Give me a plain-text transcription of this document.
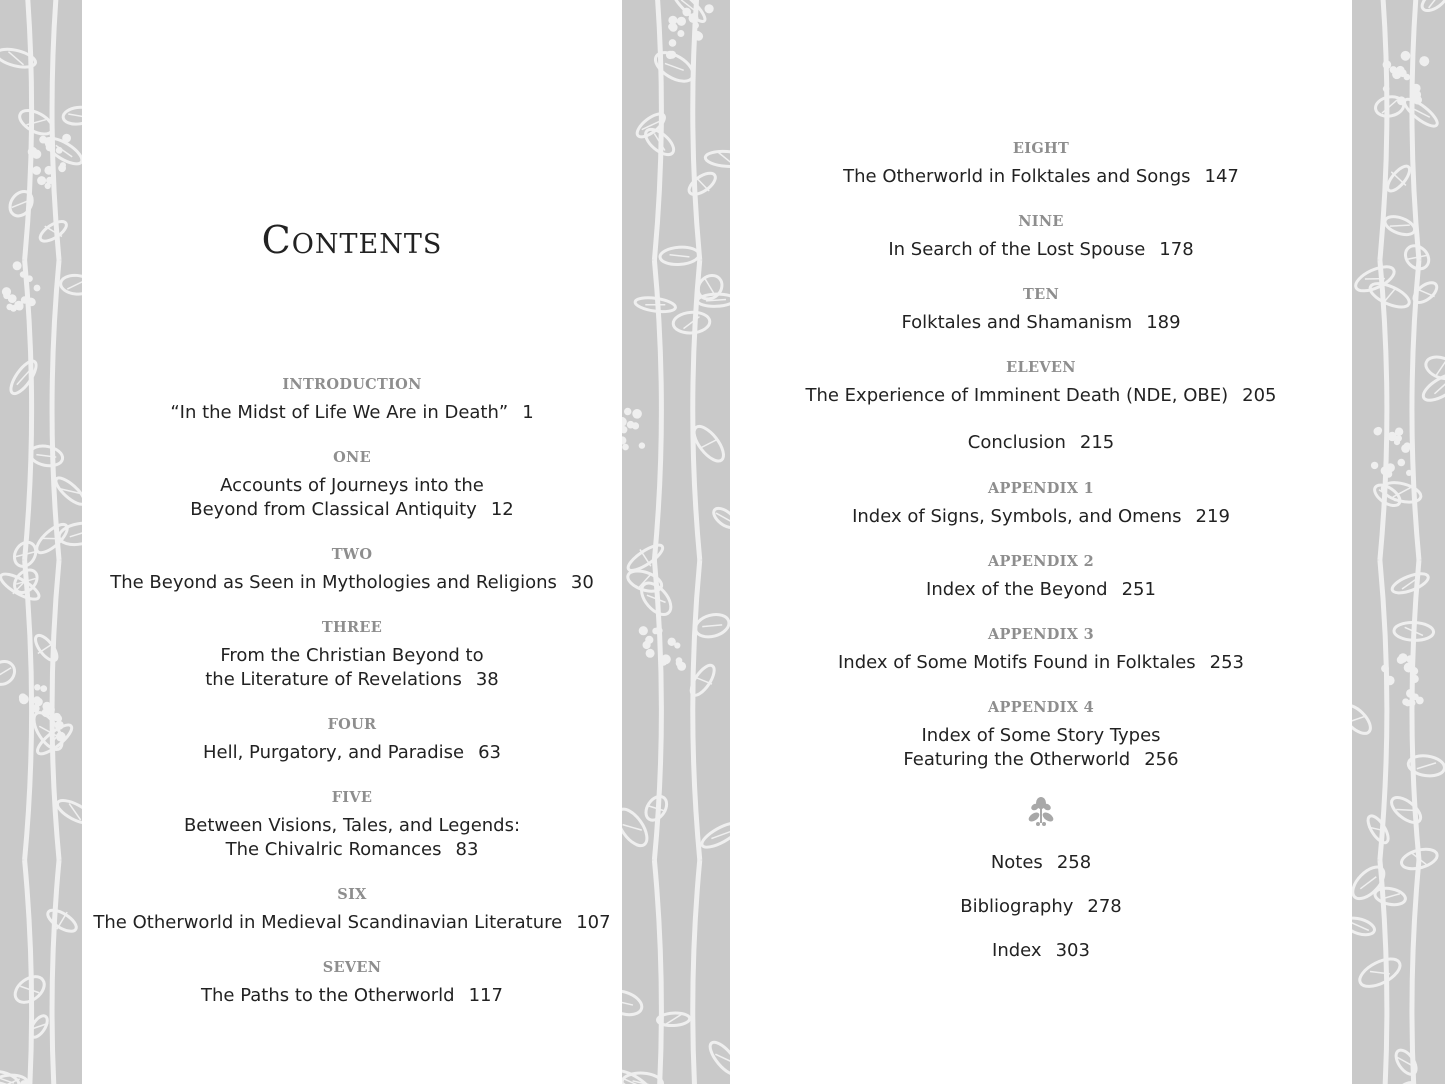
Contents
INTRODUCTION
“In the Midst of Life We Are in Death” 1
ONE
Accounts of Journeys into the
Beyond from Classical Antiquity 12
TWO
The Beyond as Seen in Mythologies and Religions 30
THREE
From the Christian Beyond to
the Literature of Revelations 38
FOUR
Hell, Purgatory, and Paradise 63
FIVE
Between Visions, Tales, and Legends:
The Chivalric Romances 83
SIX
The Otherworld in Medieval Scandinavian Literature 107
SEVEN
The Paths to the Otherworld 117
EIGHT
The Otherworld in Folktales and Songs 147
NINE
In Search of the Lost Spouse 178
TEN
Folktales and Shamanism 189
ELEVEN
The Experience of Imminent Death (NDE, OBE) 205
Conclusion 215
APPENDIX 1
Index of Signs, Symbols, and Omens 219
APPENDIX 2
Index of the Beyond 251
APPENDIX 3
Index of Some Motifs Found in Folktales 253
APPENDIX 4
Index of Some Story Types
Featuring the Otherworld 256
Notes 258
Bibliography 278
Index 303
